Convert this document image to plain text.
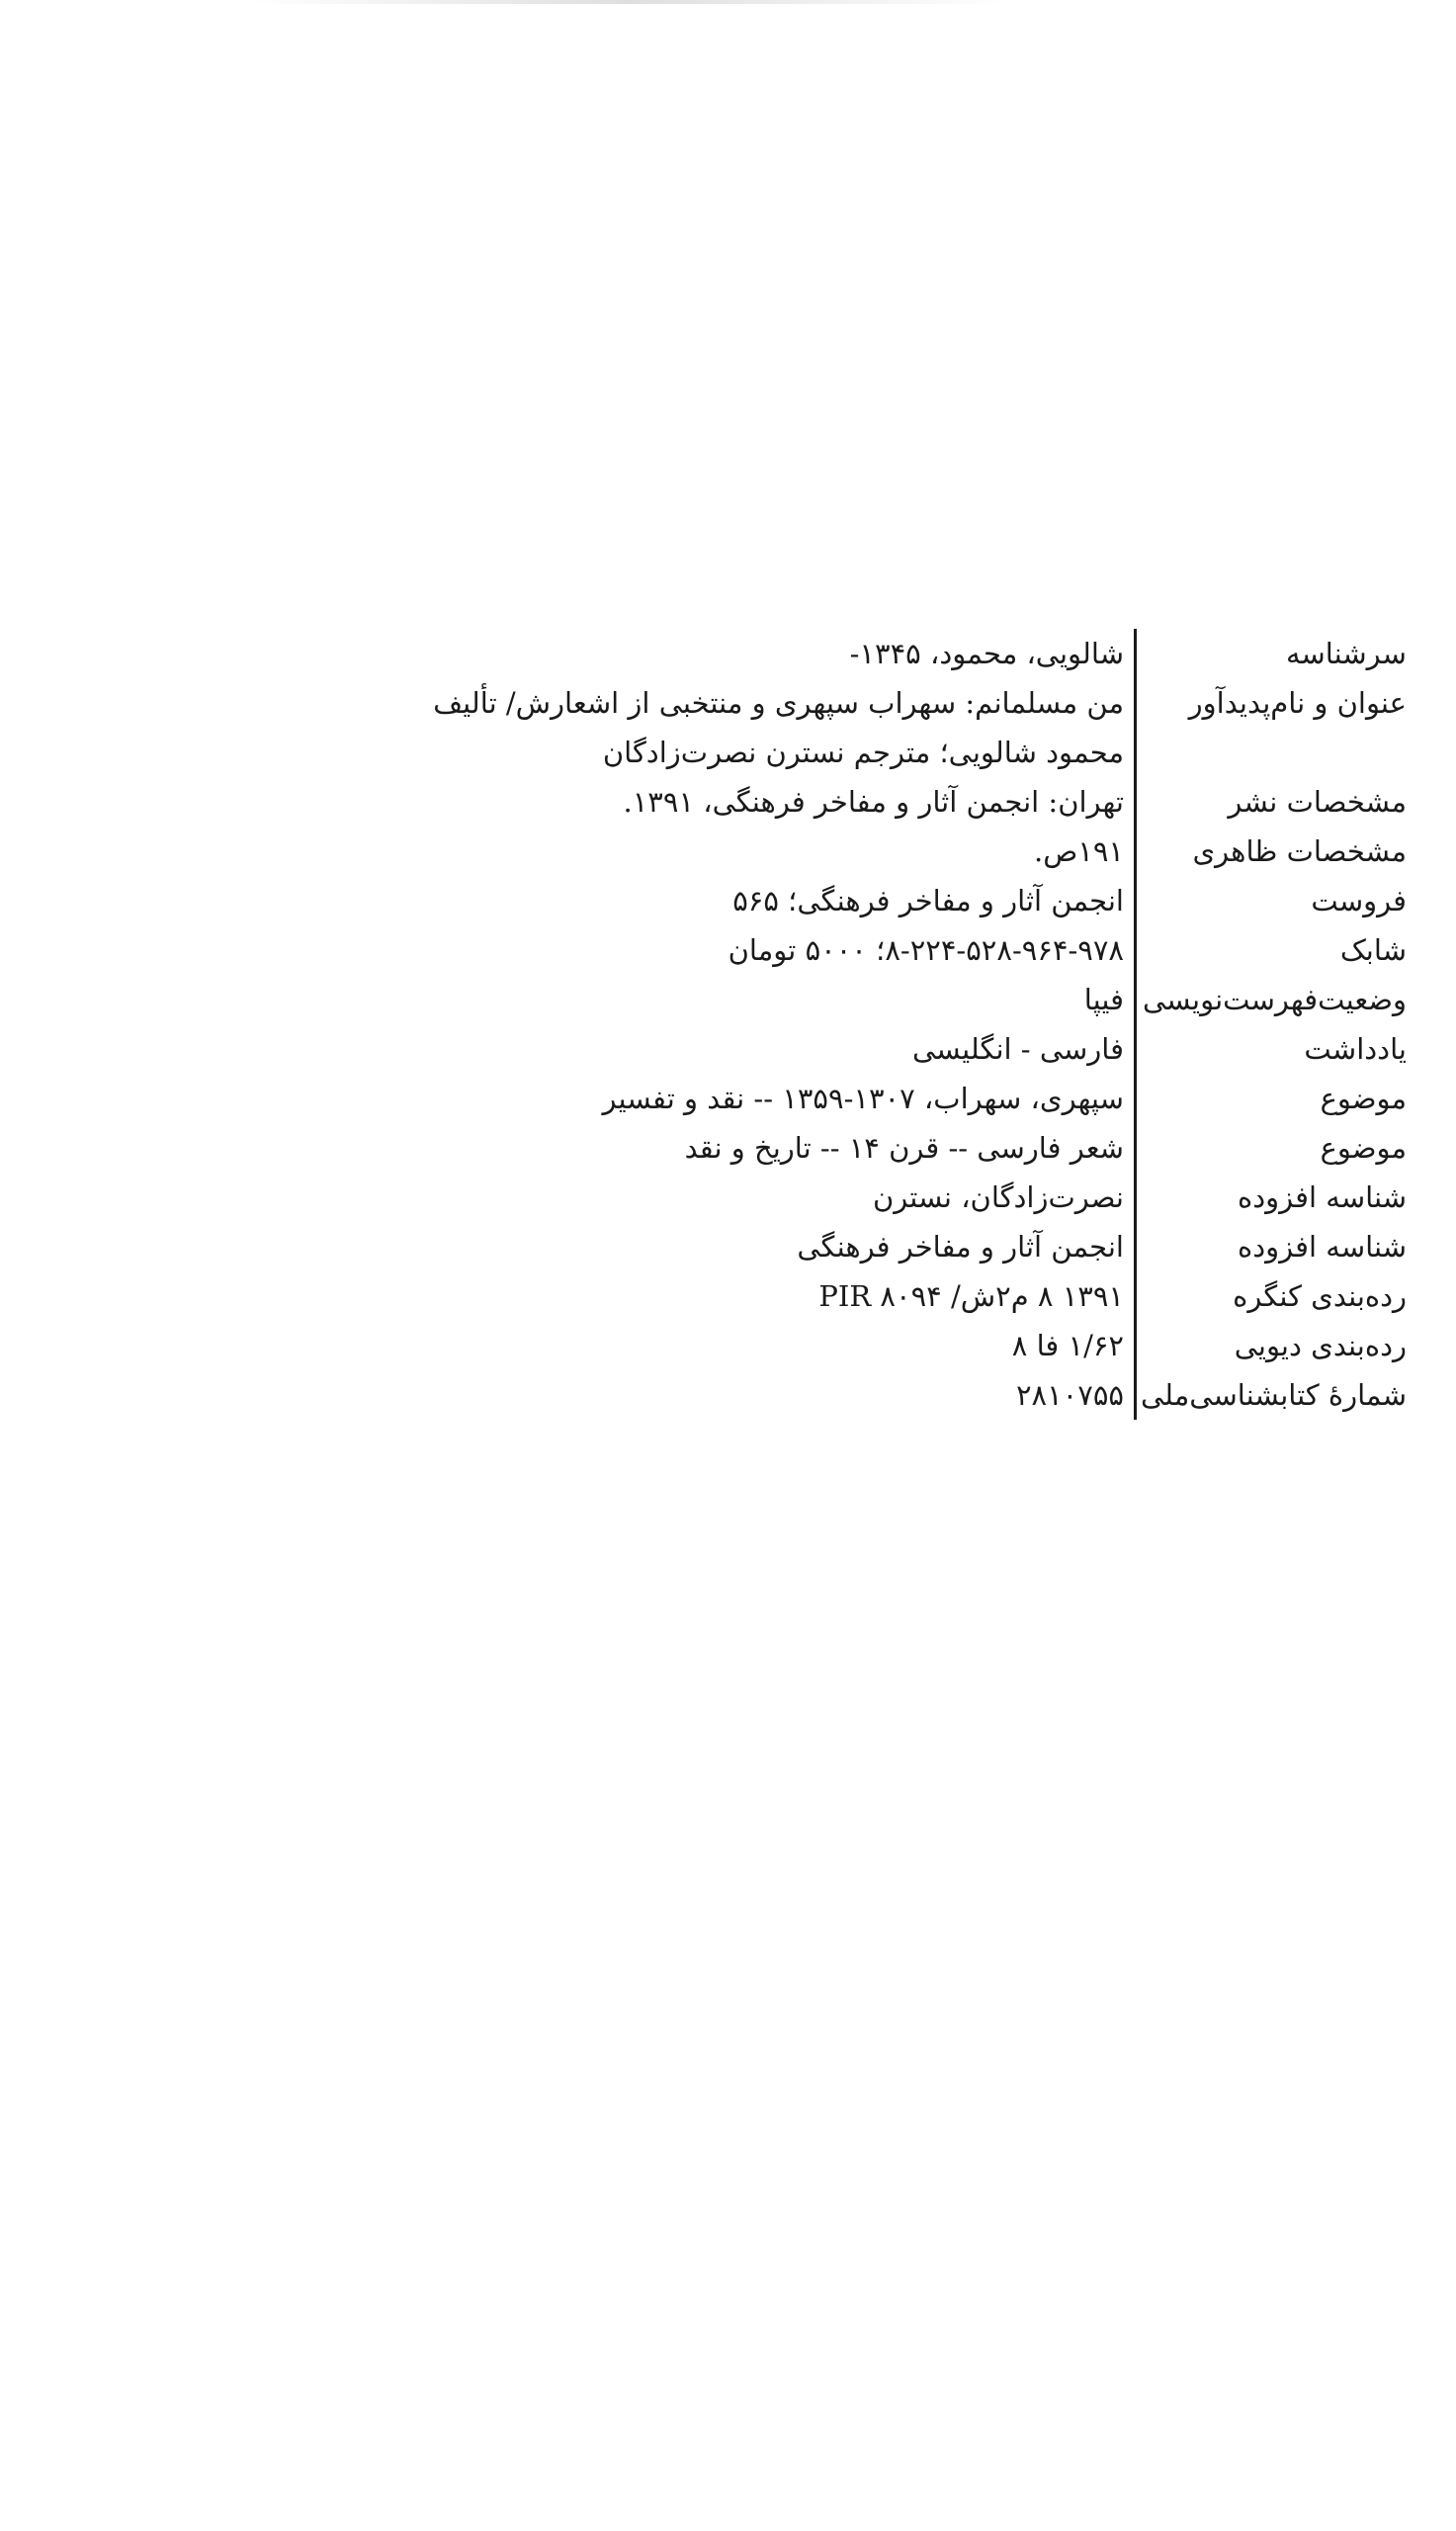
سرشناسه
شالویی، محمود، ۱۳۴۵-
عنوان و نام‌پدیدآور
من مسلمانم: سهراب سپهری و منتخبی از اشعارش/ تألیف
محمود شالویی؛ مترجم نسترن نصرت‌زادگان
مشخصات نشر
تهران: انجمن آثار و مفاخر فرهنگی، ۱۳۹۱.
مشخصات ظاهری
۱۹۱ص.
فروست
انجمن آثار و مفاخر فرهنگی؛ ۵۶۵
شابک
۸-۲۲۴-۵۲۸-۹۶۴-۹۷۸؛ ۵۰۰۰ تومان
وضعیت‌فهرست‌نویسی
فیپا
یادداشت
فارسی - انگلیسی
موضوع
سپهری، سهراب، ۱۳۰۷-۱۳۵۹ -- نقد و تفسیر
موضوع
شعر فارسی -- قرن ۱۴ -- تاریخ و نقد
شناسه افزوده
نصرت‌زادگان، نسترن
شناسه افزوده
انجمن آثار و مفاخر فرهنگی
رده‌بندی کنگره
۱۳۹۱ ۸ م۲ش/ ۸۰۹۴ PIR
رده‌بندی دیویی
۱/۶۲ فا ۸
شمارهٔ کتابشناسی‌ملی
۲۸۱۰۷۵۵
